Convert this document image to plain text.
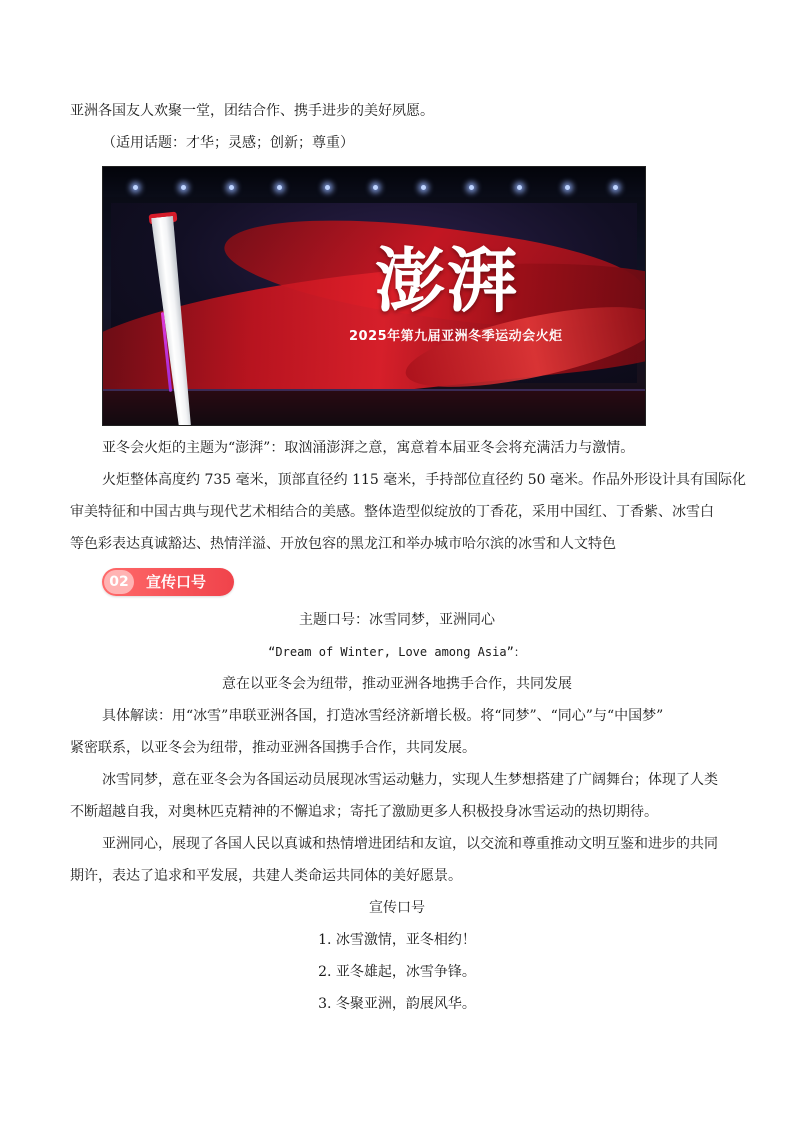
亚洲各国友人欢聚一堂，团结合作、携手进步的美好夙愿。

（适用话题：才华；灵感；创新；尊重）

澎湃
2025年第九届亚洲冬季运动会火炬

亚冬会火炬的主题为“澎湃”：取汹涌澎湃之意，寓意着本届亚冬会将充满活力与激情。

火炬整体高度约 735 毫米，顶部直径约 115 毫米，手持部位直径约 50 毫米。作品外形设计具有国际化

审美特征和中国古典与现代艺术相结合的美感。整体造型似绽放的丁香花，采用中国红、丁香紫、冰雪白

等色彩表达真诚豁达、热情洋溢、开放包容的黑龙江和举办城市哈尔滨的冰雪和人文特色

02	宣传口号

主题口号：冰雪同梦，亚洲同心

“Dream of Winter, Love among Asia”：

意在以亚冬会为纽带，推动亚洲各地携手合作，共同发展

具体解读：用“冰雪”串联亚洲各国，打造冰雪经济新增长极。将“同梦”、“同心”与“中国梦”

紧密联系，以亚冬会为纽带，推动亚洲各国携手合作，共同发展。

冰雪同梦，意在亚冬会为各国运动员展现冰雪运动魅力，实现人生梦想搭建了广阔舞台；体现了人类

不断超越自我，对奥林匹克精神的不懈追求；寄托了激励更多人积极投身冰雪运动的热切期待。

亚洲同心，展现了各国人民以真诚和热情增进团结和友谊，以交流和尊重推动文明互鉴和进步的共同

期许，表达了追求和平发展，共建人类命运共同体的美好愿景。

宣传口号

1. 冰雪激情，亚冬相约！

2. 亚冬雄起，冰雪争锋。

3. 冬聚亚洲，韵展风华。
